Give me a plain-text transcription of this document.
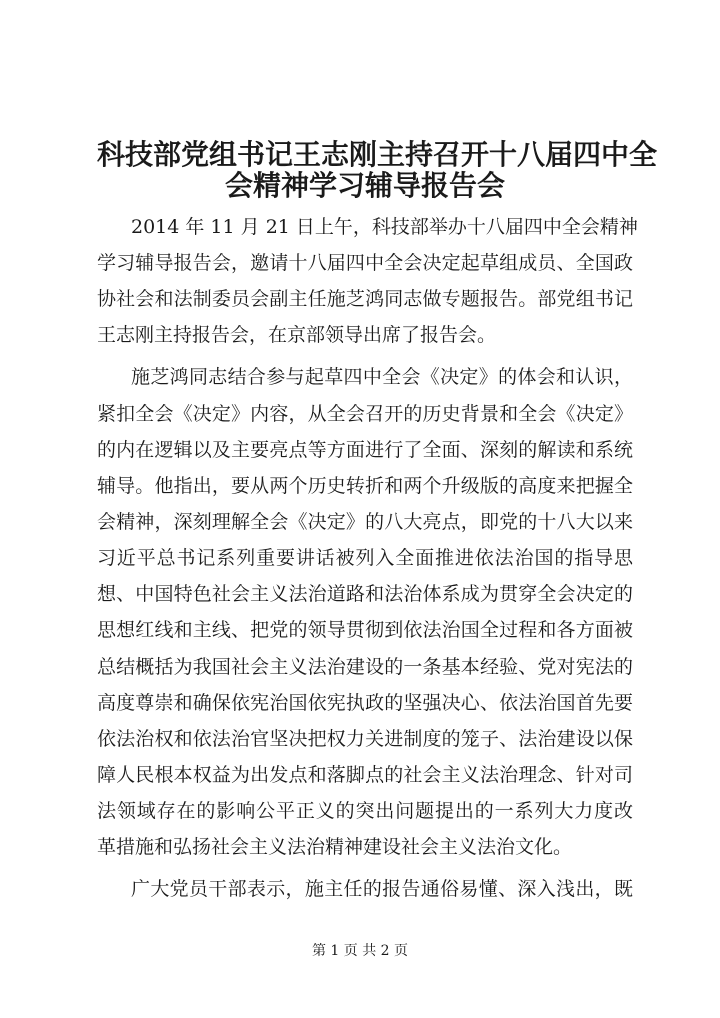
科技部党组书记王志刚主持召开十八届四中全
会精神学习辅导报告会
2014 年 11 月 21 日上午，科技部举办十八届四中全会精神
学习辅导报告会，邀请十八届四中全会决定起草组成员、全国政
协社会和法制委员会副主任施芝鸿同志做专题报告。部党组书记
王志刚主持报告会，在京部领导出席了报告会。
施芝鸿同志结合参与起草四中全会《决定》的体会和认识，
紧扣全会《决定》内容，从全会召开的历史背景和全会《决定》
的内在逻辑以及主要亮点等方面进行了全面、深刻的解读和系统
辅导。他指出，要从两个历史转折和两个升级版的高度来把握全
会精神，深刻理解全会《决定》的八大亮点，即党的十八大以来
习近平总书记系列重要讲话被列入全面推进依法治国的指导思
想、中国特色社会主义法治道路和法治体系成为贯穿全会决定的
思想红线和主线、把党的领导贯彻到依法治国全过程和各方面被
总结概括为我国社会主义法治建设的一条基本经验、党对宪法的
高度尊崇和确保依宪治国依宪执政的坚强决心、依法治国首先要
依法治权和依法治官坚决把权力关进制度的笼子、法治建设以保
障人民根本权益为出发点和落脚点的社会主义法治理念、针对司
法领域存在的影响公平正义的突出问题提出的一系列大力度改
革措施和弘扬社会主义法治精神建设社会主义法治文化。
广大党员干部表示，施主任的报告通俗易懂、深入浅出，既
第 1 页 共 2 页
